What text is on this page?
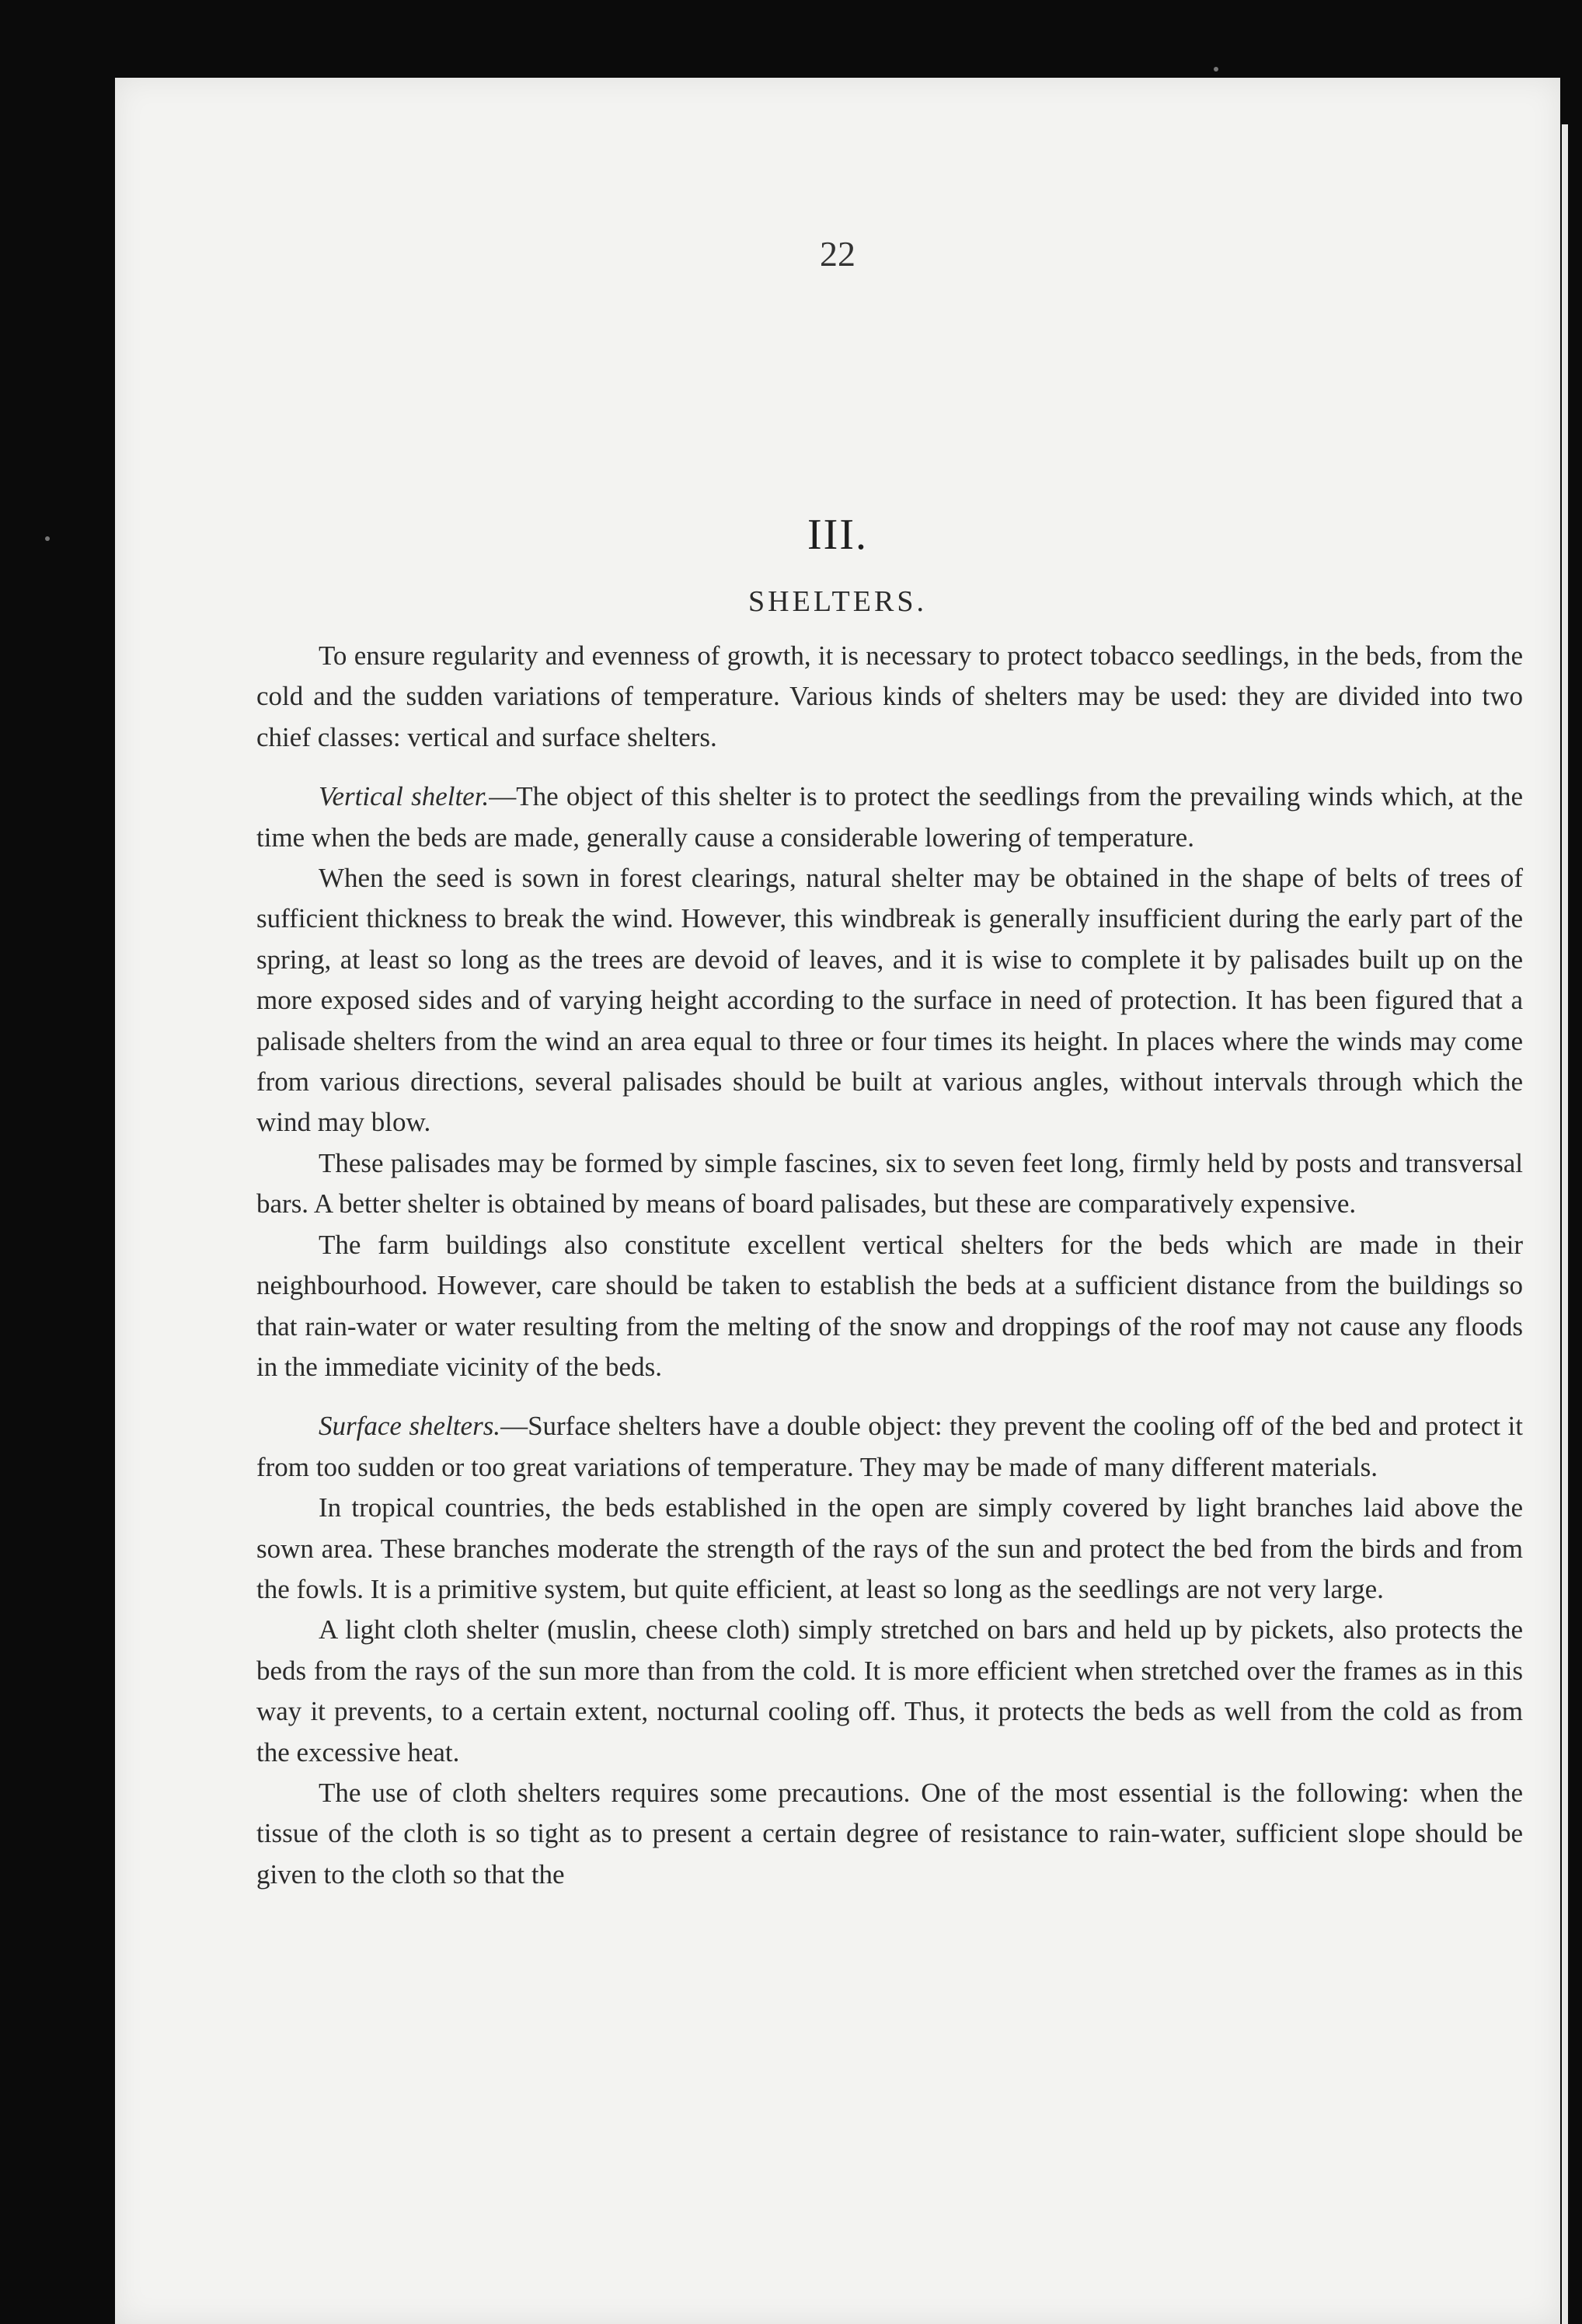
22
III.
SHELTERS.

To ensure regularity and evenness of growth, it is necessary to protect tobacco seedlings, in the beds, from the cold and the sudden variations of temperature. Various kinds of shelters may be used: they are divided into two chief classes: vertical and surface shelters.

Vertical shelter.—The object of this shelter is to protect the seedlings from the prevailing winds which, at the time when the beds are made, generally cause a considerable lowering of temperature.

When the seed is sown in forest clearings, natural shelter may be obtained in the shape of belts of trees of sufficient thickness to break the wind. However, this windbreak is generally insufficient during the early part of the spring, at least so long as the trees are devoid of leaves, and it is wise to complete it by palisades built up on the more exposed sides and of varying height according to the surface in need of protection. It has been figured that a palisade shelters from the wind an area equal to three or four times its height. In places where the winds may come from various directions, several palisades should be built at various angles, without intervals through which the wind may blow.

These palisades may be formed by simple fascines, six to seven feet long, firmly held by posts and transversal bars. A better shelter is obtained by means of board palisades, but these are comparatively expensive.

The farm buildings also constitute excellent vertical shelters for the beds which are made in their neighbourhood. However, care should be taken to establish the beds at a sufficient distance from the buildings so that rain-water or water resulting from the melting of the snow and droppings of the roof may not cause any floods in the immediate vicinity of the beds.

Surface shelters.—Surface shelters have a double object: they prevent the cooling off of the bed and protect it from too sudden or too great variations of temperature. They may be made of many different materials.

In tropical countries, the beds established in the open are simply covered by light branches laid above the sown area. These branches moderate the strength of the rays of the sun and protect the bed from the birds and from the fowls. It is a primitive system, but quite efficient, at least so long as the seedlings are not very large.

A light cloth shelter (muslin, cheese cloth) simply stretched on bars and held up by pickets, also protects the beds from the rays of the sun more than from the cold. It is more efficient when stretched over the frames as in this way it prevents, to a certain extent, nocturnal cooling off. Thus, it protects the beds as well from the cold as from the excessive heat.

The use of cloth shelters requires some precautions. One of the most essential is the following: when the tissue of the cloth is so tight as to present a certain degree of resistance to rain-water, sufficient slope should be given to the cloth so that the
